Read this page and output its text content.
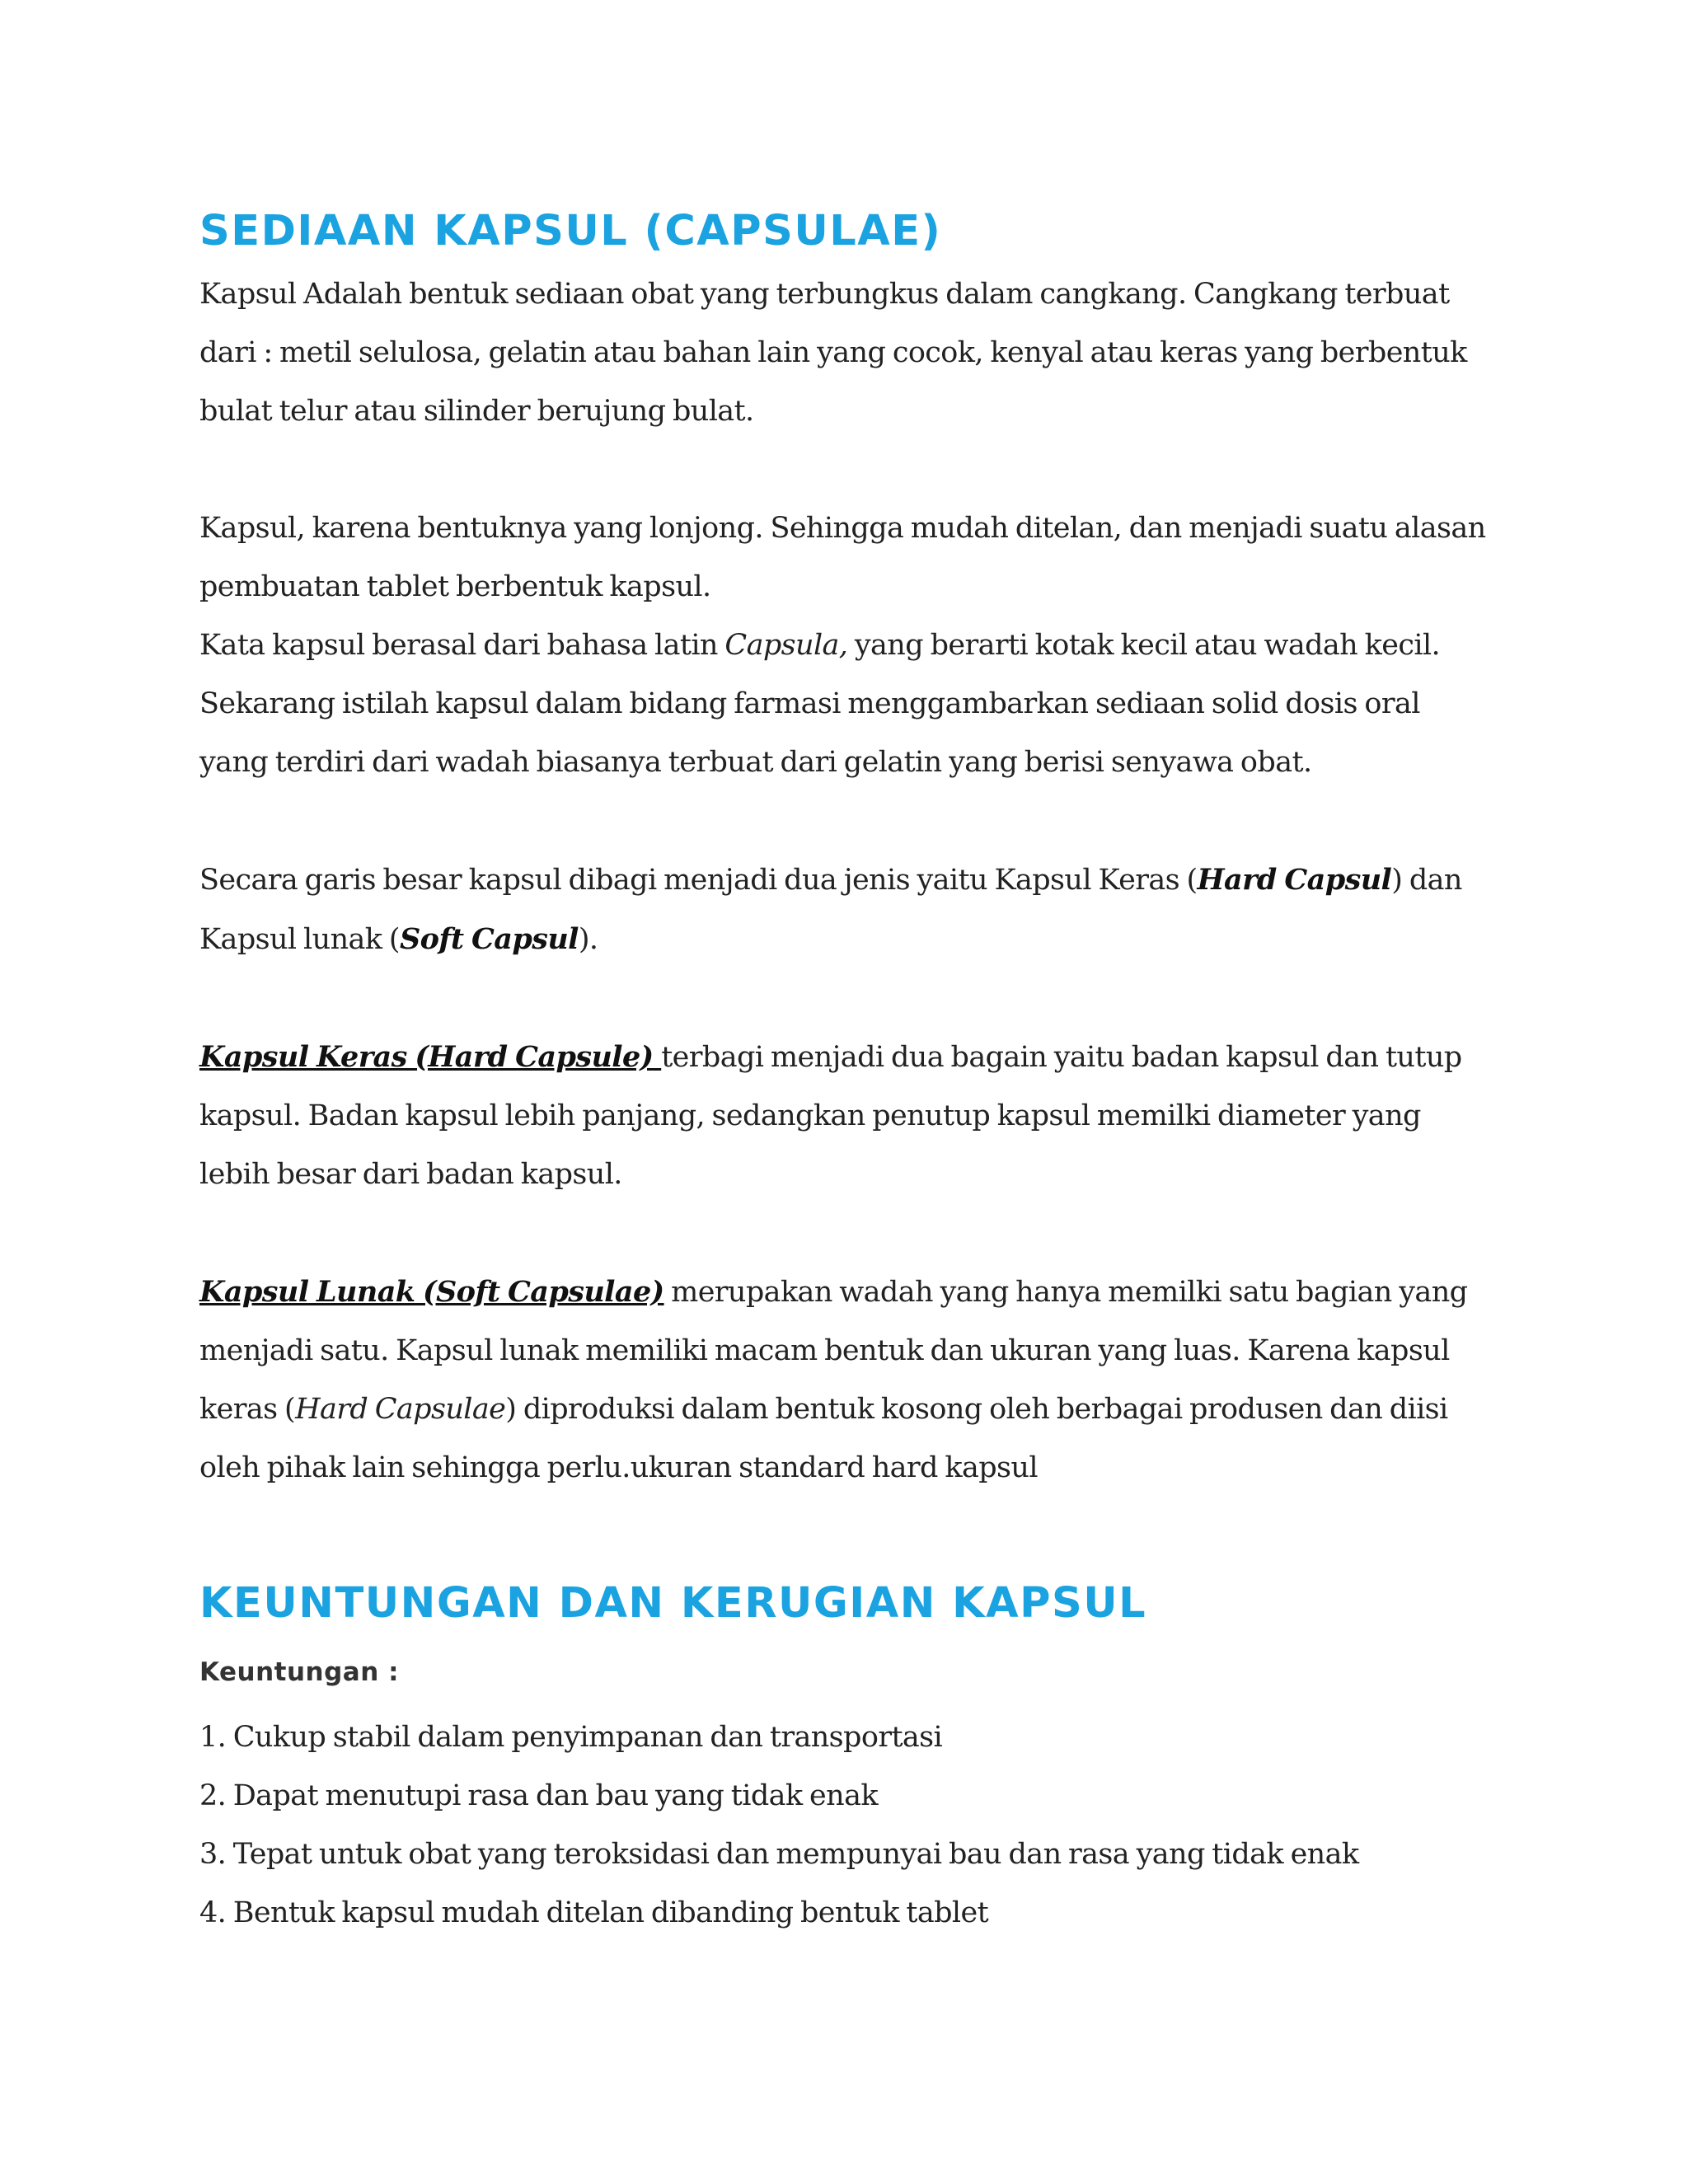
SEDIAAN KAPSUL (CAPSULAE)
Kapsul Adalah bentuk sediaan obat yang terbungkus dalam cangkang. Cangkang terbuat
dari : metil selulosa, gelatin atau bahan lain yang cocok, kenyal atau keras yang berbentuk
bulat telur atau silinder berujung bulat.
Kapsul, karena bentuknya yang lonjong. Sehingga mudah ditelan, dan menjadi suatu alasan
pembuatan tablet berbentuk kapsul.
Kata kapsul berasal dari bahasa latin Capsula, yang berarti kotak kecil atau wadah kecil.
Sekarang istilah kapsul dalam bidang farmasi menggambarkan sediaan solid dosis oral
yang terdiri dari wadah biasanya terbuat dari gelatin yang berisi senyawa obat.
Secara garis besar kapsul dibagi menjadi dua jenis yaitu Kapsul Keras (Hard Capsul) dan
Kapsul lunak (Soft Capsul).
Kapsul Keras (Hard Capsule) terbagi menjadi dua bagain yaitu badan kapsul dan tutup
kapsul. Badan kapsul lebih panjang, sedangkan penutup kapsul memilki diameter yang
lebih besar dari badan kapsul.
Kapsul Lunak (Soft Capsulae) merupakan wadah yang hanya memilki satu bagian yang
menjadi satu. Kapsul lunak memiliki macam bentuk dan ukuran yang luas. Karena kapsul
keras (Hard Capsulae) diproduksi dalam bentuk kosong oleh berbagai produsen dan diisi
oleh pihak lain sehingga perlu.ukuran standard hard kapsul
KEUNTUNGAN DAN KERUGIAN KAPSUL
Keuntungan :
1. Cukup stabil dalam penyimpanan dan transportasi
2. Dapat menutupi rasa dan bau yang tidak enak
3. Tepat untuk obat yang teroksidasi dan mempunyai bau dan rasa yang tidak enak
4. Bentuk kapsul mudah ditelan dibanding bentuk tablet
